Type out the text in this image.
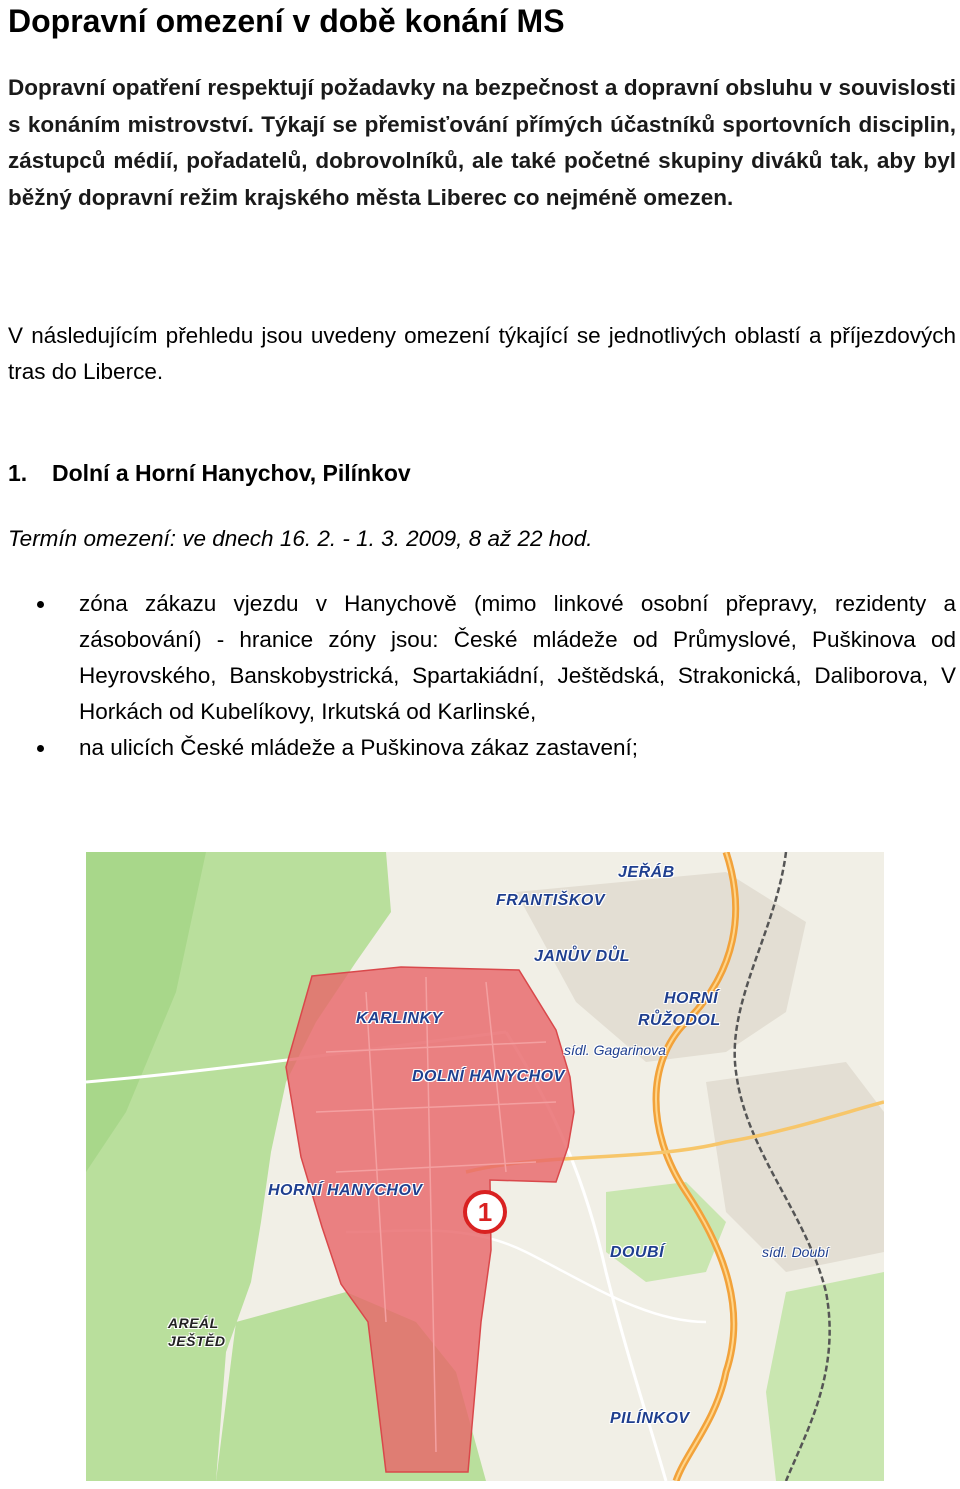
Dopravní omezení v době konání MS

Dopravní opatření respektují požadavky na bezpečnost a dopravní obsluhu v souvislosti s konáním mistrovství. Týkají se přemisťování přímých účastníků sportovních disciplin, zástupců médií, pořadatelů, dobrovolníků, ale také početné skupiny diváků tak, aby byl běžný dopravní režim krajského města Liberec co nejméně omezen.

V následujícím přehledu jsou uvedeny omezení týkající se jednotlivých oblastí a příjezdových tras do Liberce.

1. Dolní a Horní Hanychov, Pilínkov

Termín omezení: ve dnech 16. 2. - 1. 3. 2009, 8 až 22 hod.

zóna zákazu vjezdu v Hanychově (mimo linkové osobní přepravy, rezidenty a zásobování) - hranice zóny jsou: České mládeže od Průmyslové, Puškinova od Heyrovského, Banskobystrická, Spartakiádní, Ještědská, Strakonická, Daliborova, V Horkách od Kubelíkovy, Irkutská od Karlinské,
na ulicích České mládeže a Puškinova zákaz zastavení;
JEŘÁB
FRANTIŠKOV
JANŮV DŮL
HORNÍ
RŮŽODOL
sídl. Gagarinova
KARLINKY
DOLNÍ HANYCHOV
HORNÍ HANYCHOV
DOUBÍ	sídl. Doubí
AREÁL
JEŠTĚD
PILÍNKOV
1
